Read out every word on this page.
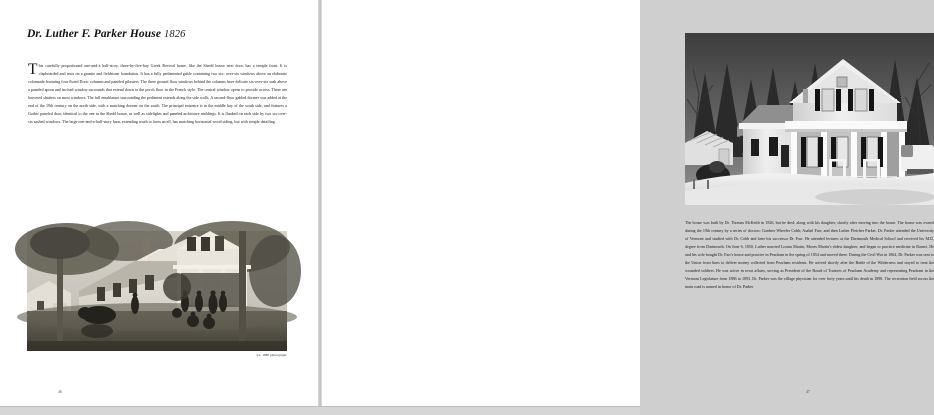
Dr. Luther F. Parker House 1826
This carefully proportioned one-and-a half-story, three-by-five-bay Greek Revival home, like the Shedd house next door, has a temple front. It is clapboarded and rests on a granite and fieldstone foundation. It has a fully pedimented gable containing two six- over-six windows above an elaborate colonnade featuring four fluted Doric columns and paneled pilasters. The three ground floor windows behind the columns have delicate six-over-six sash above a paneled apron and incised window surrounds that extend down to the porch floor in the French style. The central window opens to provide access. There are louvered shutters on most windows. The full entablature surrounding the pediment extends along the side walls. A second-floor gabled dormer was added at the end of the 19th century on the north side, with a matching dormer on the south. The principal entrance is in the middle bay of the south side, and features a Gothic paneled door, identical to the one in the Shedd house, as well as sidelights and paneled architrave moldings. It is flanked on each side by two six-over-six sashed windows. The large one-and-a-half-story barn, extending south to form an ell, has matching horizontal wood siding, but with simple detailing.
Ca. 1885 photograph.
46
The house was built by Dr. Thomas McKeith in 1826, but he died, along with his daughter, shortly after moving into the house. The house was owned during the 19th century by a series of doctors: Gardner Wheeler Cobb; Asahel Farr; and then Luther Fletcher Parker. Dr. Parker attended the University of Vermont and studied with Dr. Cobb and later his successor Dr. Farr. He attended lectures at the Dartmouth Medical School and received his M.D. degree from Dartmouth. On June 6, 1850, Luther married Louisa Martin, Moses Martin's eldest daughter, and began to practice medicine in Barnet. He and his wife bought Dr. Farr's house and practice in Peacham in the spring of 1854 and moved there. During the Civil War in 1864, Dr. Parker was sent to the Union front lines to deliver money collected from Peacham residents. He arrived shortly after the Battle of the Wilderness and stayed to treat the wounded soldiers. He was active in town affairs, serving as President of the Board of Trustees of Peacham Academy and representing Peacham in the Vermont Legislature from 1886 to 1893. Dr. Parker was the village physician for over forty years until his death in 1898. The recreation field across the main road is named in honor of Dr. Parker
47
